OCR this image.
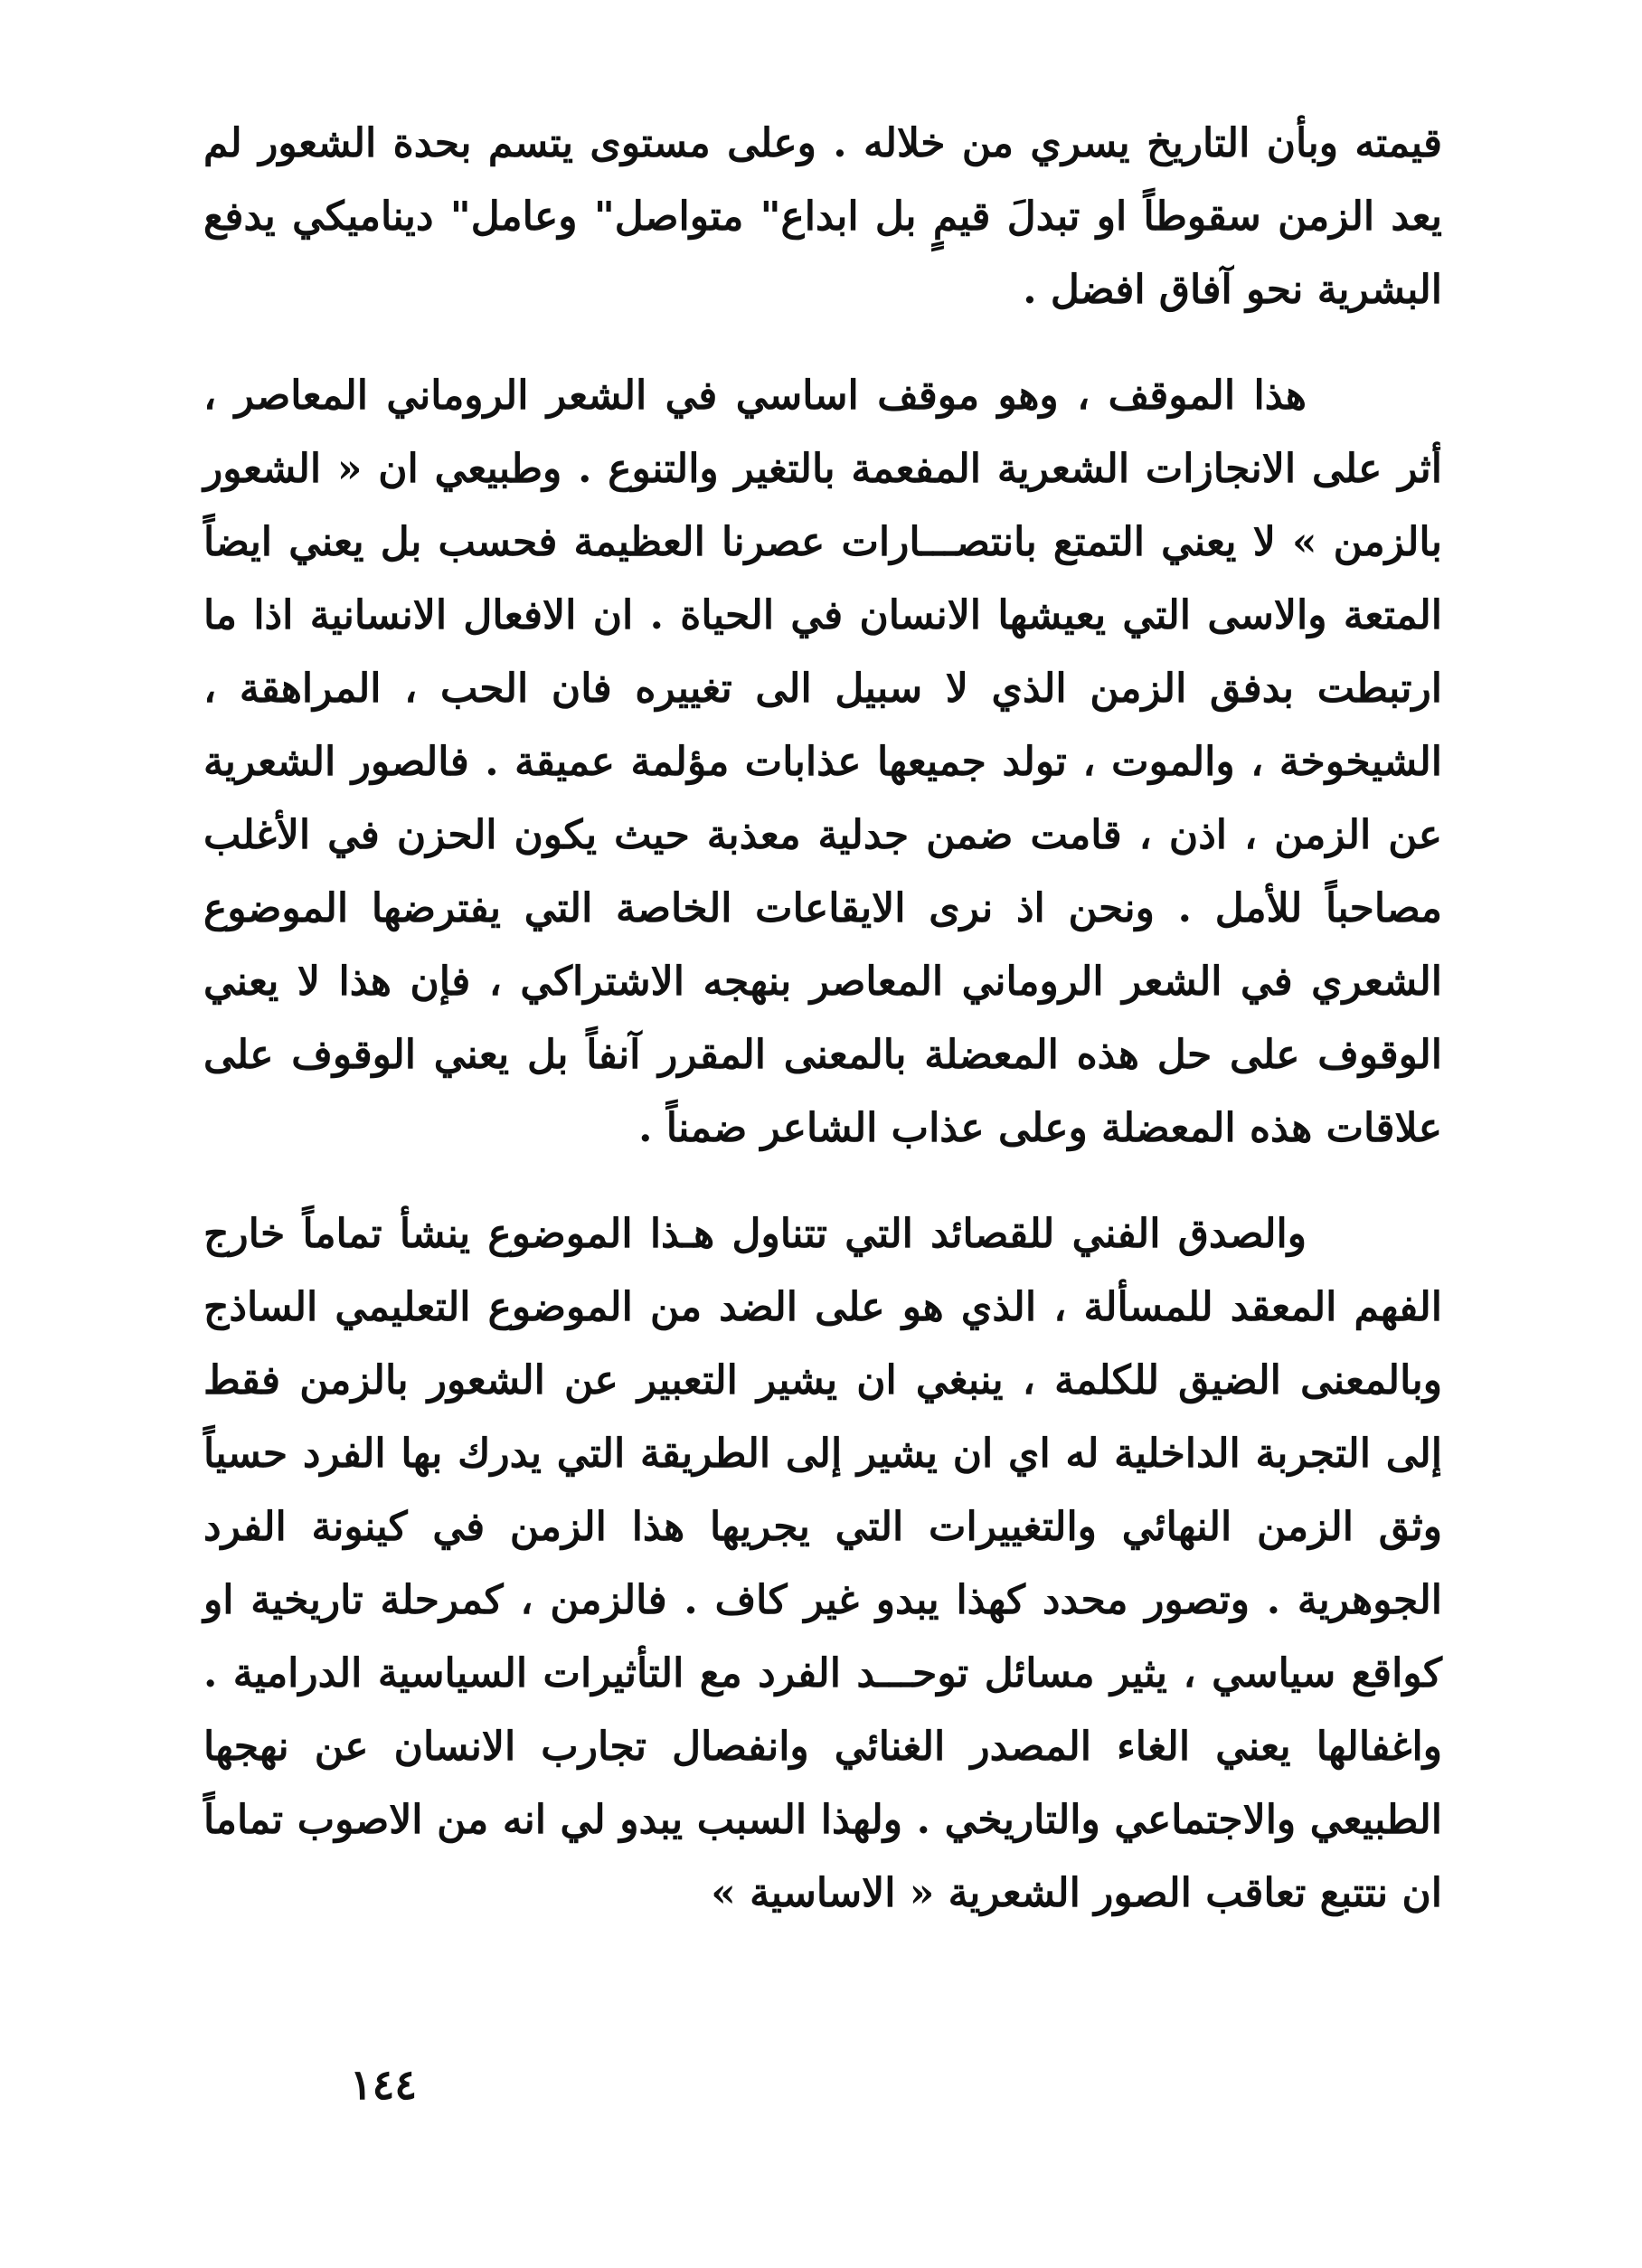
قيمته وبأن التاريخ يسري من خلاله . وعلى مستوى يتسم بحدة الشعور لم يعد الزمن سقوطاً او تبدلَ قيمٍ بل ابداع" متواصل" وعامل" ديناميكي يدفع البشرية نحو آفاق افضل .

هذا الموقف ، وهو موقف اساسي في الشعر الروماني المعاصر ، أثر على الانجازات الشعرية المفعمة بالتغير والتنوع . وطبيعي ان « الشعور بالزمن » لا يعني التمتع بانتصـــارات عصرنا العظيمة فحسب بل يعني ايضاً المتعة والاسى التي يعيشها الانسان في الحياة . ان الافعال الانسانية اذا ما ارتبطت بدفق الزمن الذي لا سبيل الى تغييره فان الحب ، المراهقة ، الشيخوخة ، والموت ، تولد جميعها عذابات مؤلمة عميقة . فالصور الشعرية عن الزمن ، اذن ، قامت ضمن جدلية معذبة حيث يكون الحزن في الأغلب مصاحباً للأمل . ونحن اذ نرى الايقاعات الخاصة التي يفترضها الموضوع الشعري في الشعر الروماني المعاصر بنهجه الاشتراكي ، فإن هذا لا يعني الوقوف على حل هذه المعضلة بالمعنى المقرر آنفاً بل يعني الوقوف على علاقات هذه المعضلة وعلى عذاب الشاعر ضمناً .

والصدق الفني للقصائد التي تتناول هـذا الموضوع ينشأ تماماً خارج الفهم المعقد للمسألة ، الذي هو على الضد من الموضوع التعليمي الساذج وبالمعنى الضيق للكلمة ، ينبغي ان يشير التعبير عن الشعور بالزمن فقط إلى التجربة الداخلية له اي ان يشير إلى الطريقة التي يدرك بها الفرد حسياً وثق الزمن النهائي والتغييرات التي يجريها هذا الزمن في كينونة الفرد الجوهرية . وتصور محدد كهذا يبدو غير كاف . فالزمن ، كمرحلة تاريخية او كواقع سياسي ، يثير مسائل توحـــد الفرد مع التأثيرات السياسية الدرامية . واغفالها يعني الغاء المصدر الغنائي وانفصال تجارب الانسان عن نهجها الطبيعي والاجتماعي والتاريخي . ولهذا السبب يبدو لي انه من الاصوب تماماً ان نتتبع تعاقب الصور الشعرية « الاساسية »

١٤٤
